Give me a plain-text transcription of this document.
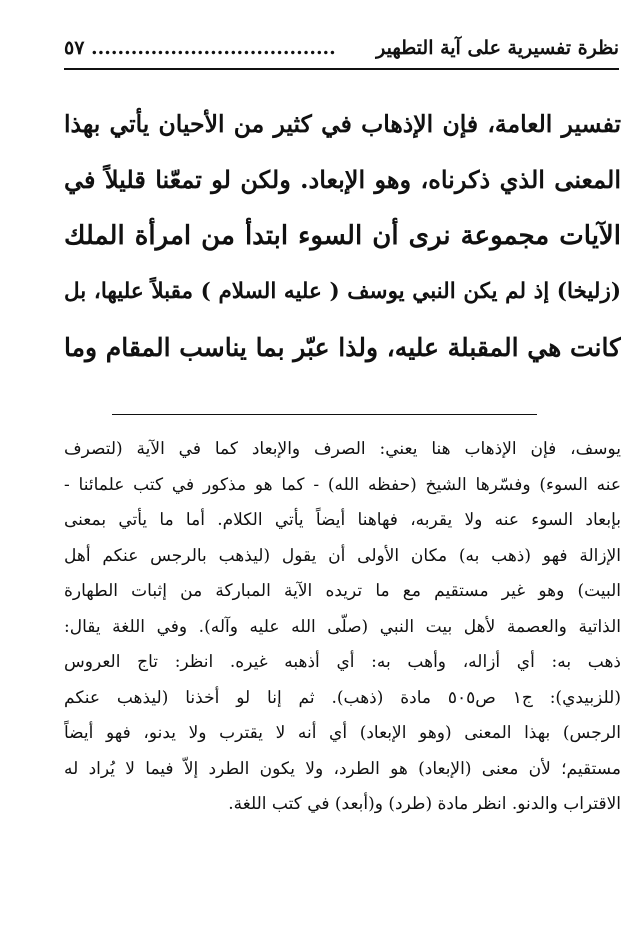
نظرة تفسيرية على آية التطهير
..................................... ٥٧
تفسير العامة، فإن الإذهاب في كثير من الأحيان يأتي بهذا
المعنى الذي ذكرناه، وهو الإبعاد. ولكن لو تمعّنا قليلاً في
الآيات مجموعة نرى أن السوء ابتدأ من امرأة الملك
(زليخا) إذ لم يكن النبي يوسف ( عليه السلام ) مقبلاً عليها، بل
كانت هي المقبلة عليه، ولذا عبّر بما يناسب المقام وما
يوسف، فإن الإذهاب هنا يعني: الصرف والإبعاد كما في الآية (لتصرف
عنه السوء) وفسّرها الشيخ (حفظه الله) - كما هو مذكور في كتب علمائنا -
بإبعاد السوء عنه ولا يقربه، فهاهنا أيضاً يأتي الكلام. أما ما يأتي بمعنى
الإزالة فهو (ذهب به) مكان الأولى أن يقول (ليذهب بالرجس عنكم أهل
البيت) وهو غير مستقيم مع ما تريده الآية المباركة من إثبات الطهارة
الذاتية والعصمة لأهل بيت النبي (صلّى الله عليه وآله). وفي اللغة يقال:
ذهب به: أي أزاله، وأهب به: أي أذهبه غيره. انظر: تاج العروس
(للزبيدي): ج١ ص٥٠٥ مادة (ذهب). ثم إنا لو أخذنا (ليذهب عنكم
الرجس) بهذا المعنى (وهو الإبعاد) أي أنه لا يقترب ولا يدنو، فهو أيضاً
مستقيم؛ لأن معنى (الإبعاد) هو الطرد، ولا يكون الطرد إلاّ فيما لا يُراد له
الاقتراب والدنو. انظر مادة (طرد) و(أبعد) في كتب اللغة.
